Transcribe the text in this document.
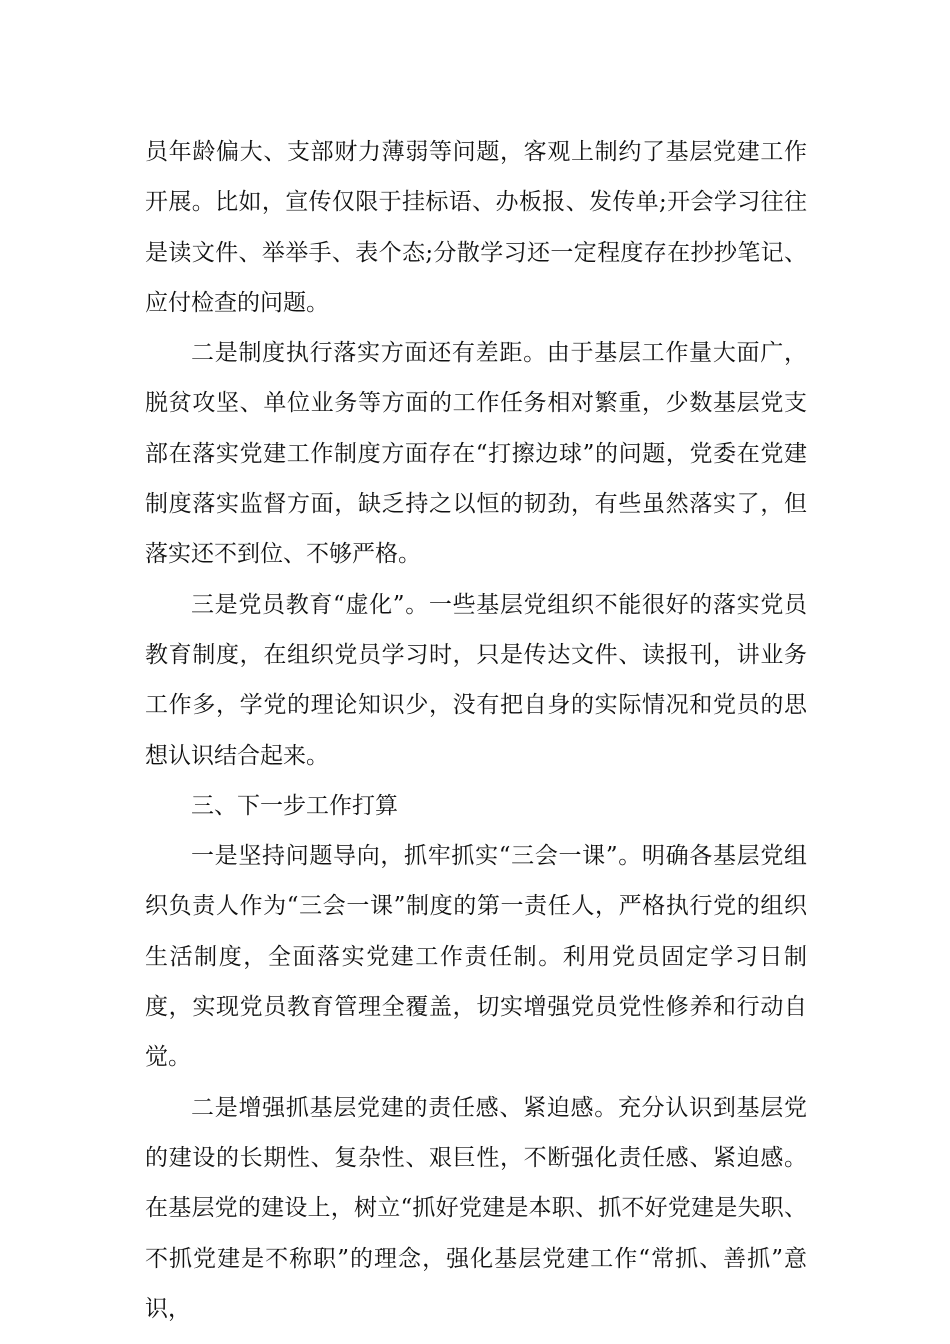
员年龄偏大、支部财力薄弱等问题，客观上制约了基层党建工作开展。比如，宣传仅限于挂标语、办板报、发传单;开会学习往往是读文件、举举手、表个态;分散学习还一定程度存在抄抄笔记、应付检查的问题。

二是制度执行落实方面还有差距。由于基层工作量大面广，脱贫攻坚、单位业务等方面的工作任务相对繁重，少数基层党支部在落实党建工作制度方面存在“打擦边球”的问题，党委在党建制度落实监督方面，缺乏持之以恒的韧劲，有些虽然落实了，但落实还不到位、不够严格。

三是党员教育“虚化”。一些基层党组织不能很好的落实党员教育制度，在组织党员学习时，只是传达文件、读报刊，讲业务工作多，学党的理论知识少，没有把自身的实际情况和党员的思想认识结合起来。

三、下一步工作打算

一是坚持问题导向，抓牢抓实“三会一课”。明确各基层党组织负责人作为“三会一课”制度的第一责任人，严格执行党的组织生活制度，全面落实党建工作责任制。利用党员固定学习日制度，实现党员教育管理全覆盖，切实增强党员党性修养和行动自觉。

二是增强抓基层党建的责任感、紧迫感。充分认识到基层党的建设的长期性、复杂性、艰巨性，不断强化责任感、紧迫感。在基层党的建设上，树立“抓好党建是本职、抓不好党建是失职、不抓党建是不称职”的理念，强化基层党建工作“常抓、善抓”意识，
